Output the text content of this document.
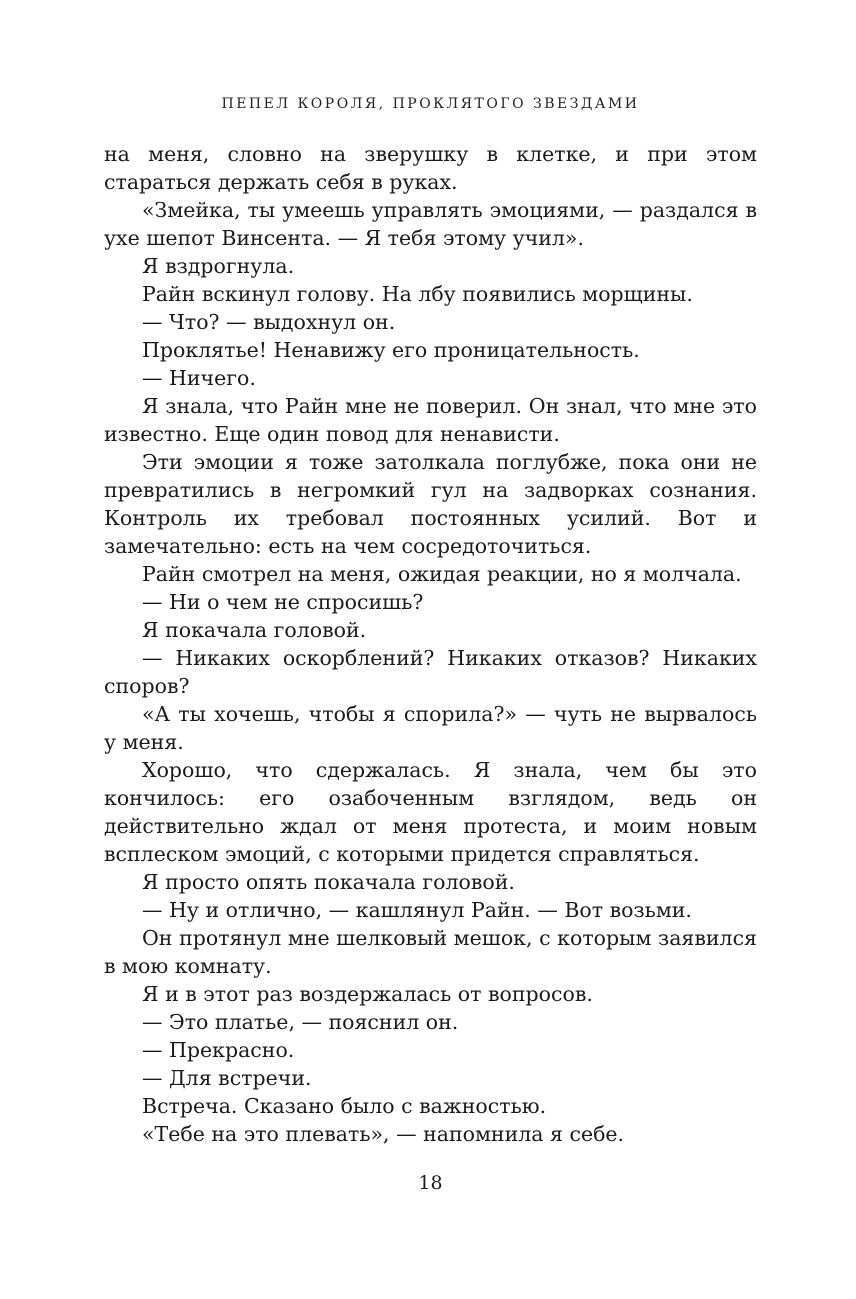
ПЕПЕЛ КОРОЛЯ, ПРОКЛЯТОГО ЗВЕЗДАМИ

на меня, словно на зверушку в клетке, и при этом стараться держать себя в руках.

«Змейка, ты умеешь управлять эмоциями, — раздался в ухе шепот Винсента. — Я тебя этому учил».

Я вздрогнула.

Райн вскинул голову. На лбу появились морщины.

— Что? — выдохнул он.

Проклятье! Ненавижу его проницательность.

— Ничего.

Я знала, что Райн мне не поверил. Он знал, что мне это известно. Еще один повод для ненависти.

Эти эмоции я тоже затолкала поглубже, пока они не превратились в негромкий гул на задворках сознания. Контроль их требовал постоянных усилий. Вот и замечательно: есть на чем сосредоточиться.

Райн смотрел на меня, ожидая реакции, но я молчала.

— Ни о чем не спросишь?

Я покачала головой.

— Никаких оскорблений? Никаких отказов? Никаких споров?

«А ты хочешь, чтобы я спорила?» — чуть не вырвалось у меня.

Хорошо, что сдержалась. Я знала, чем бы это кончилось: его озабоченным взглядом, ведь он действительно ждал от меня протеста, и моим новым всплеском эмоций, с которыми придется справляться.

Я просто опять покачала головой.

— Ну и отлично, — кашлянул Райн. — Вот возьми.

Он протянул мне шелковый мешок, с которым заявился в мою комнату.

Я и в этот раз воздержалась от вопросов.

— Это платье, — пояснил он.

— Прекрасно.

— Для встречи.

Встреча. Сказано было с важностью.

«Тебе на это плевать», — напомнила я себе.

18
